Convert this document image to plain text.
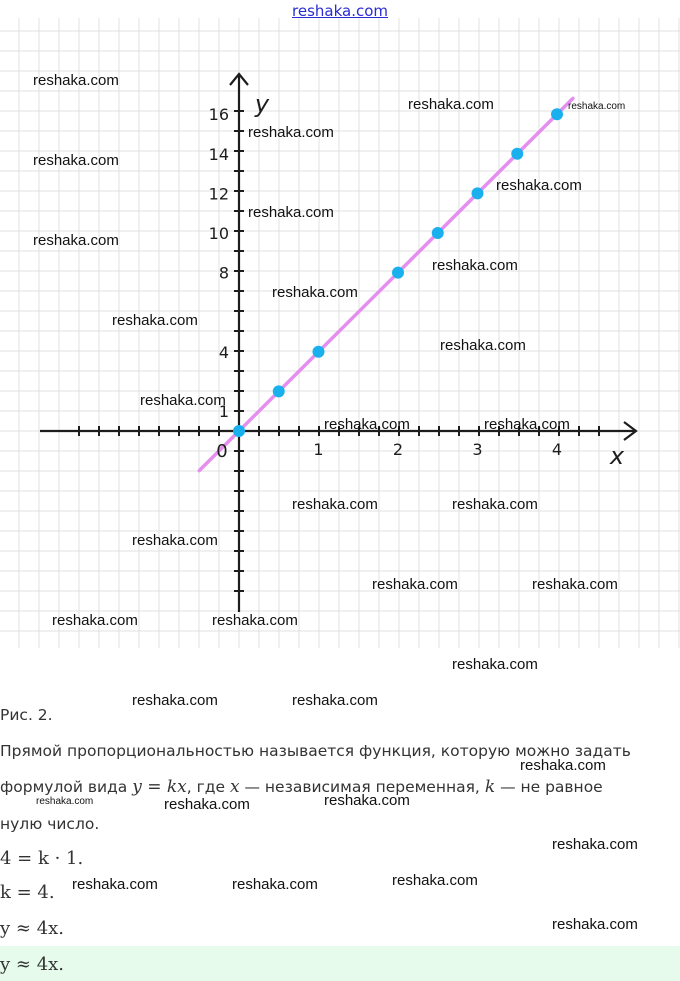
reshaka.com
1	2	3	4
1
4
8
10
12
14
16
0	x
y
reshaka.com
reshaka.com	reshaka.com
reshaka.com
reshaka.com
reshaka.com
reshaka.com
reshaka.com
reshaka.com
reshaka.com
reshaka.com
reshaka.com
reshaka.com
reshaka.com	reshaka.com
reshaka.com	reshaka.com
reshaka.com
reshaka.com	reshaka.com
reshaka.com	reshaka.com
reshaka.com
reshaka.com	reshaka.com
reshaka.com
reshaka.com	reshaka.com	reshaka.com
reshaka.com
reshaka.com	reshaka.com	reshaka.com
reshaka.com
Рис. 2.
Прямой пропорциональностью называется функция, которую можно задать
формулой вида y = kx, где x — независимая переменная, k — не равное
нулю число.
4 = k · 1.
k = 4.
y ≈ 4x.
y ≈ 4x.
